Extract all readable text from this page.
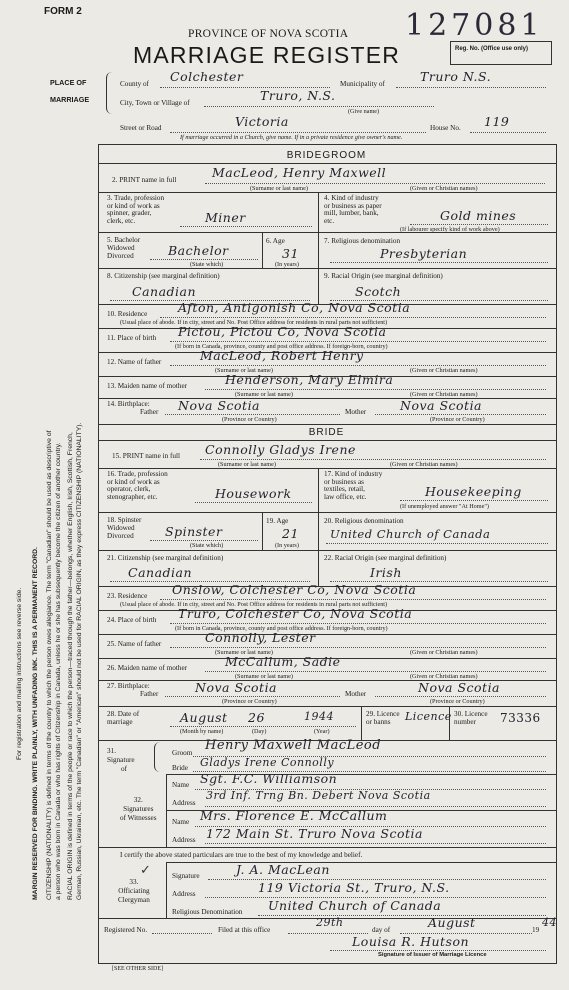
FORM 2
PROVINCE OF NOVA SCOTIA 127081
MARRIAGE REGISTER	Reg. No. (Office use only)
PLACE OF
MARRIAGE
County of Colchester	Municipality of	Truro N.S.
City, Town or Village of	Truro, N.S.
(Give name)
Street or Road	Victoria	House No. 119
If marriage occurred in a Church, give name. If in a private residence give owner's name.
For registration and mailing instructions see reverse side. MARGIN RESERVED FOR BINDING. WRITE PLAINLY, WITH UNFADING INK. THIS IS A PERMANENT RECORD. CITIZENSHIP (NATIONALITY) is defined in terms of the country to which the person owes allegiance. The term "Canadian" should be used as descriptive of a person who was born in Canada or who has rights of Citizenship in Canada, unless he or she has subsequently become the citizen of another country. RACIAL ORIGIN is defined in terms of the people or race to which the person—traced through the father—belongs, whether English, Irish, Scottish, French, German, Russian, Ukrainian, etc. The term "Canadian" or "American" should not be used for RACIAL ORIGIN, as they express CITIZENSHIP (NATIONALITY).
BRIDEGROOM
2. PRINT name in full	MacLeod, Henry Maxwell
(Surname or last name)	(Given or Christian names)
3. Trade, profession
or kind of work as
spinner, grader,
clerk, etc.	Miner
4. Kind of industry
or business as paper
mill, lumber, bank,
etc.	Gold mines
(If labourer specify kind of work above)
5. Bachelor
Widowed
Divorced	Bachelor
(State which)
6. Age
31
(In years)
7. Religious denomination
Presbyterian
8. Citizenship (see marginal definition)
Canadian
9. Racial Origin (see marginal definition)
Scotch
10. Residence Afton, Antigonish Co, Nova Scotia
(Usual place of abode. If in city, street and No. Post Office address for residents in rural parts not sufficient)
11. Place of birth Pictou, Pictou Co, Nova Scotia
(If born in Canada, province, county and post office address. If foreign-born, country)
12. Name of father	MacLeod, Robert Henry
(Surname or last name)	(Given or Christian names)
13. Maiden name of mother	Henderson, Mary Elmira
(Surname or last name)	(Given or Christian names)
14. Birthplace:
Father Nova Scotia	Mother	Nova Scotia
(Province or Country)	(Province or Country)
BRIDE
15. PRINT name in full Connolly Gladys Irene
(Surname or last name)	(Given or Christian names)
16. Trade, profession
or kind of work as
operator, clerk,
stenographer, etc.	Housework
17. Kind of industry
or business as
textiles, retail,
law office, etc.	Housekeeping
(If unemployed answer "At Home")
18. Spinster
Widowed
Divorced	Spinster
(State which)
19. Age
21
(In years)
20. Religious denomination
United Church of Canada
21. Citizenship (see marginal definition)
Canadian
22. Racial Origin (see marginal definition)
Irish
23. Residence Onslow, Colchester Co, Nova Scotia
(Usual place of abode. If in city, street and No. Post Office address for residents in rural parts not sufficient)
24. Place of birth Truro, Colchester Co, Nova Scotia
(If born in Canada, province, county and post office address. If foreign-born, country)
25. Name of father	Connolly, Lester
(Surname or last name)	(Given or Christian names)
26. Maiden name of mother	McCallum, Sadie
(Surname or last name)	(Given or Christian names)
27. Birthplace:
Father	Nova Scotia	Mother	Nova Scotia
(Province or Country)	(Province or Country)
28. Date of
marriage	August 26	1944
(Month by name)	(Day)	(Year)
29. Licence
or banns	Licence 30. Licence
number	73336
31.
Signature
of
Groom Henry Maxwell MacLeod
Bride Gladys Irene Connolly
32.
Signatures
of Witnesses
Name Sgt. F.C. Williamson
Address
3rd Inf. Trng Bn. Debert Nova Scotia
Name Mrs. Florence E. McCallum
Address 172 Main St. Truro Nova Scotia
I certify the above stated particulars are true to the best of my knowledge and belief.
✓
33.
Officiating
Clergyman
Signature	J. A. MacLean
Address	119 Victoria St., Truro, N.S.
Religious Denomination United Church of Canada
Registered No.	Filed at this office
29th
day of	August	19
44
Louisa R. Hutson
Signature of Issuer of Marriage Licence
[SEE OTHER SIDE]
